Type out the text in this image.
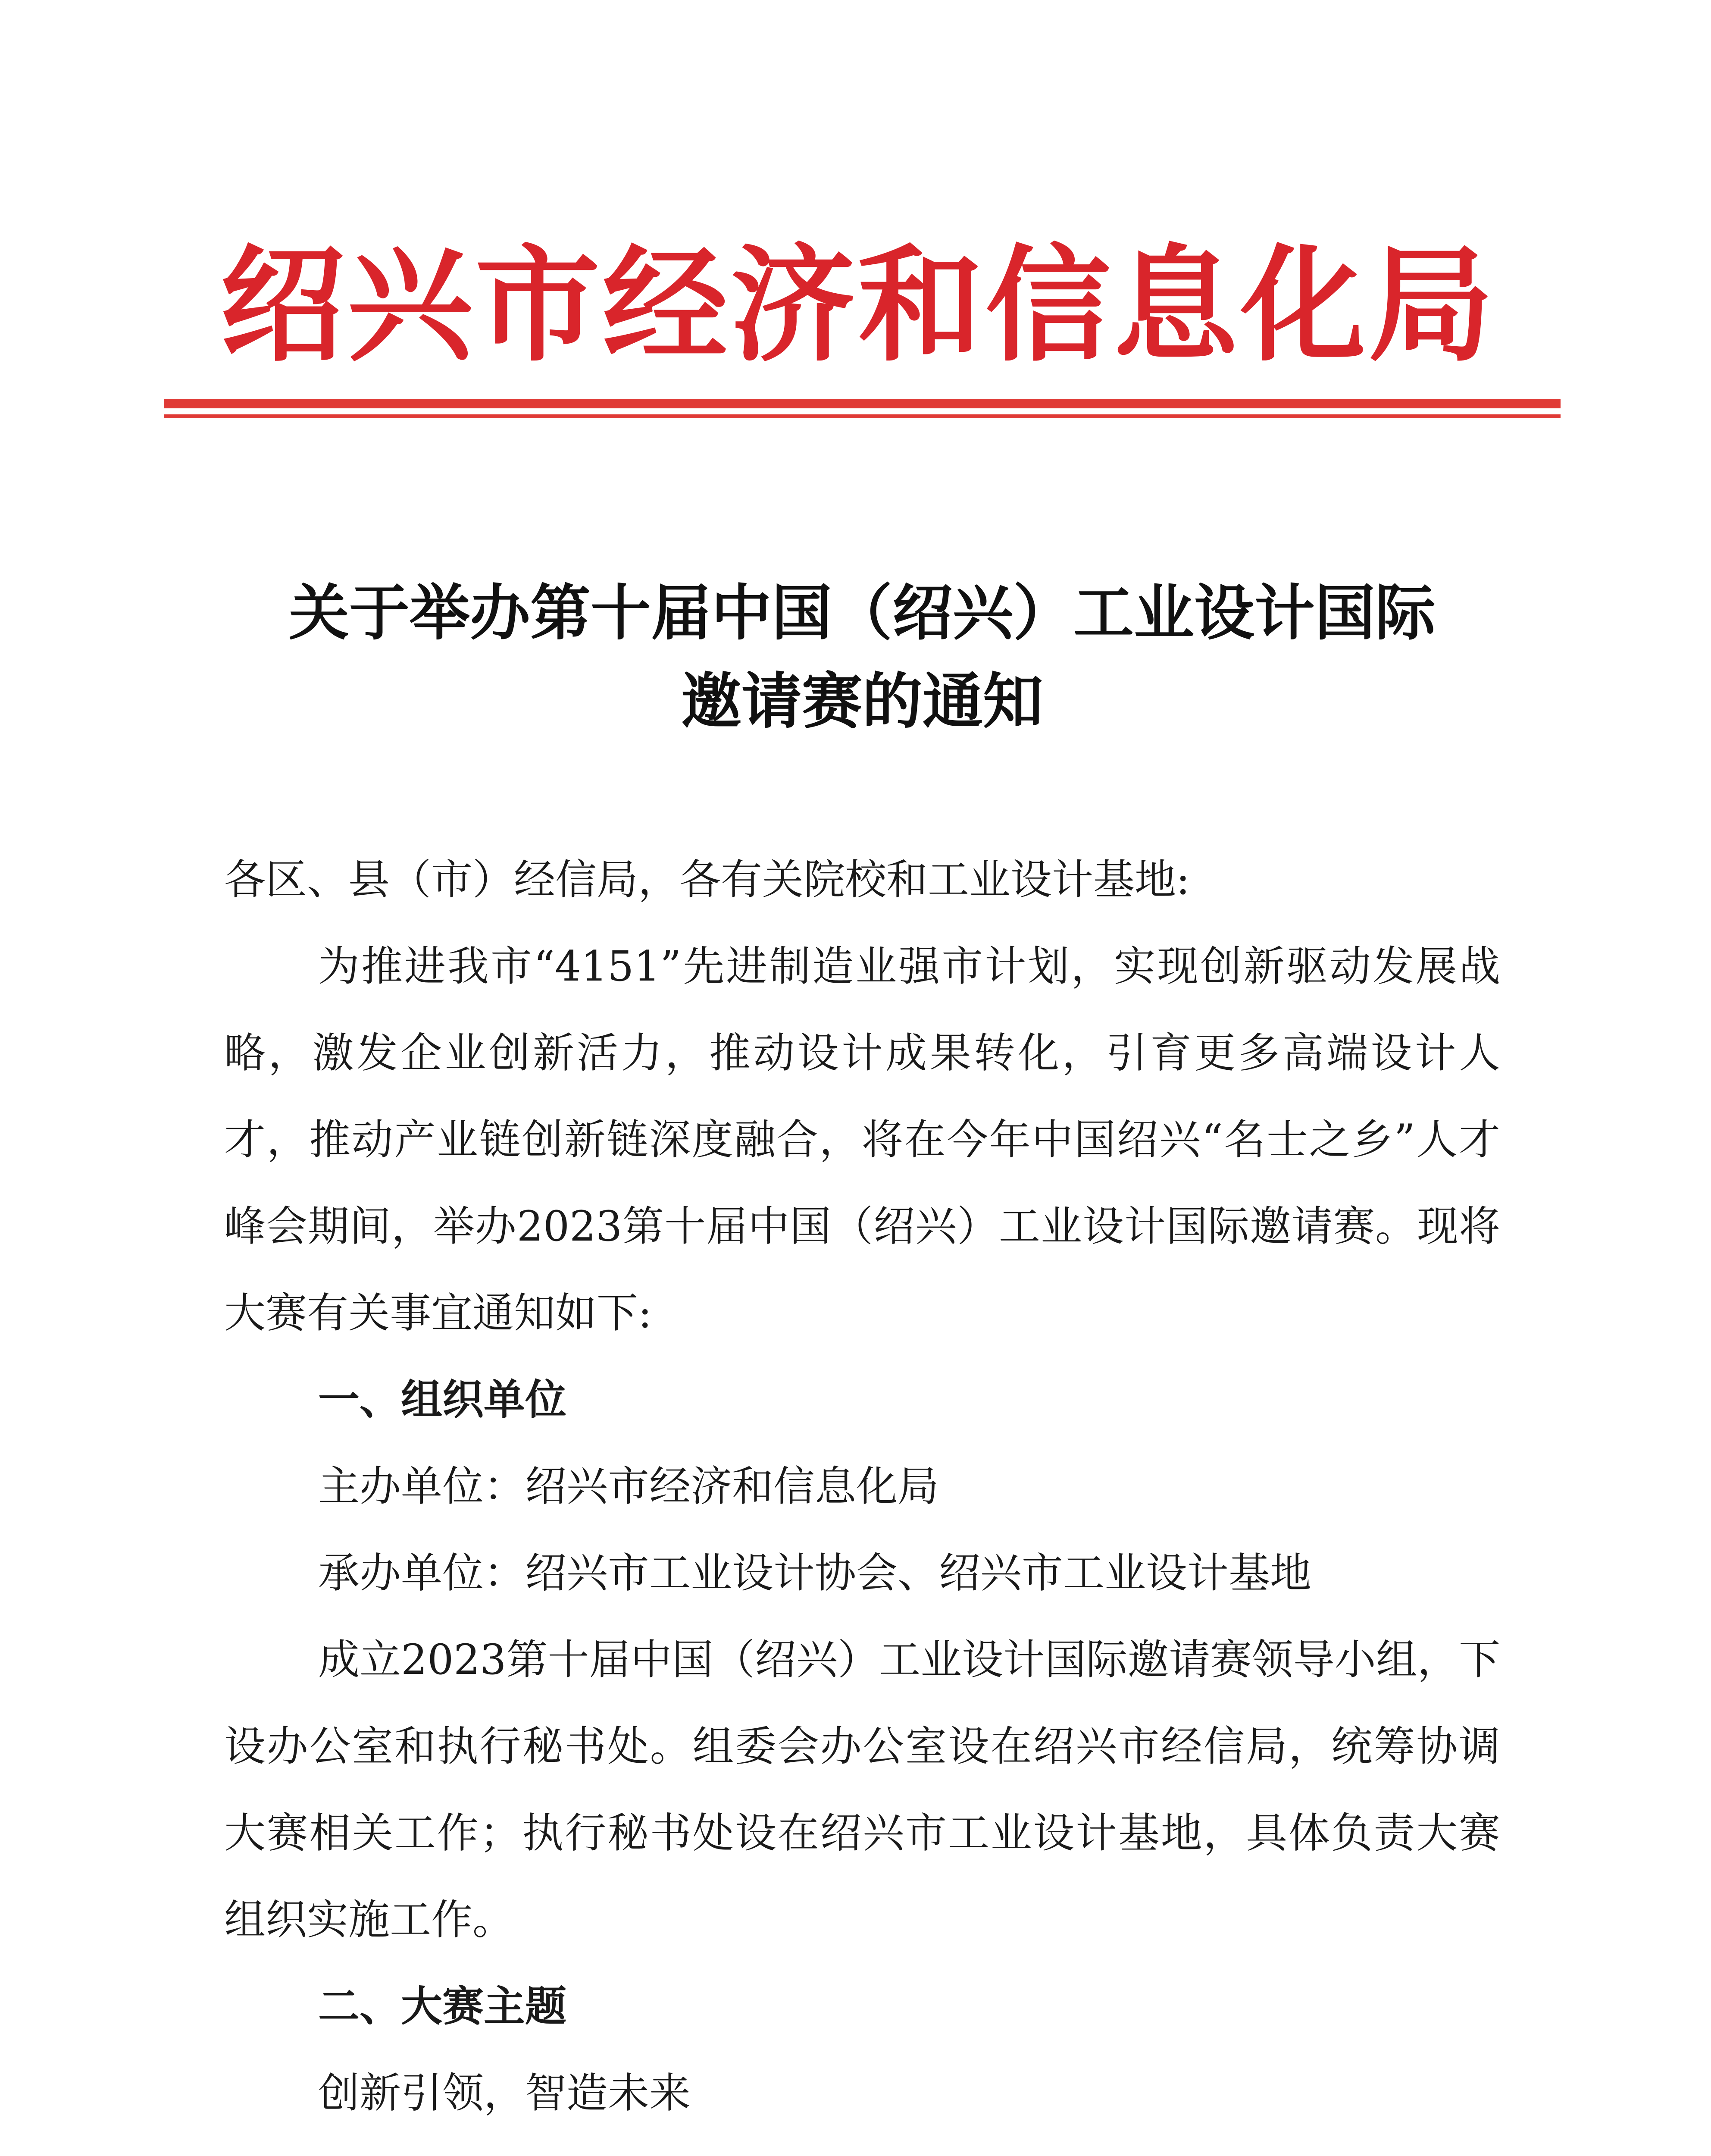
绍兴市经济和信息化局
关于举办第十届中国（绍兴）工业设计国际
邀请赛的通知

各区、县（市）经信局，各有关院校和工业设计基地:

为推进我市“4151”先进制造业强市计划，实现创新驱动发展战略，激发企业创新活力，推动设计成果转化，引育更多高端设计人才，推动产业链创新链深度融合，将在今年中国绍兴“名士之乡”人才峰会期间，举办2023第十届中国（绍兴）工业设计国际邀请赛。现将大赛有关事宜通知如下:

一、组织单位

主办单位：绍兴市经济和信息化局

承办单位：绍兴市工业设计协会、绍兴市工业设计基地

成立2023第十届中国（绍兴）工业设计国际邀请赛领导小组，下设办公室和执行秘书处。组委会办公室设在绍兴市经信局，统筹协调大赛相关工作；执行秘书处设在绍兴市工业设计基地，具体负责大赛组织实施工作。

二、大赛主题

创新引领，智造未来
